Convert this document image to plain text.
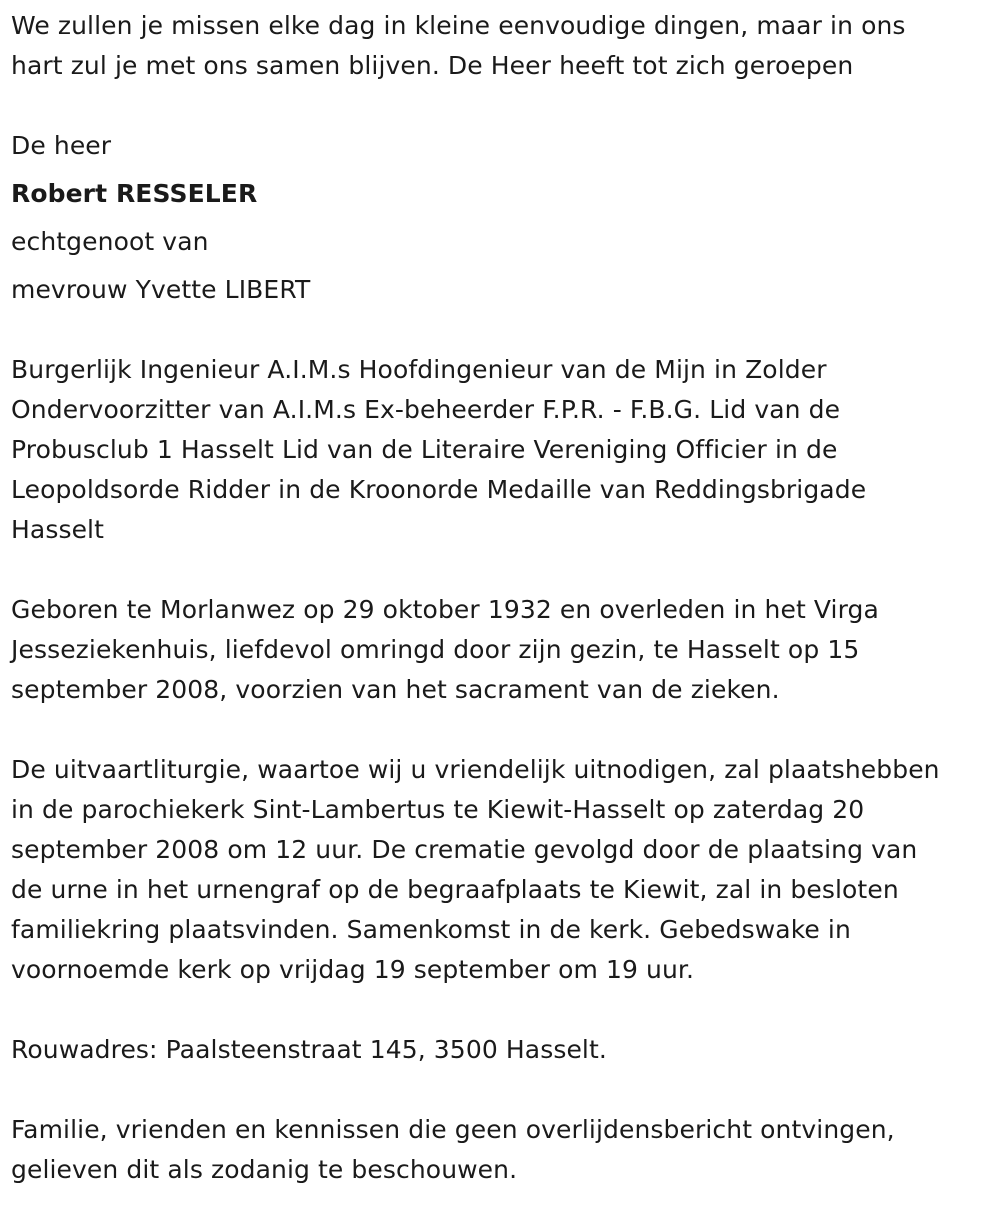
We zullen je missen elke dag in kleine eenvoudige dingen, maar in ons
hart zul je met ons samen blijven. De Heer heeft tot zich geroepen
De heer
Robert RESSELER
echtgenoot van
mevrouw Yvette LIBERT
Burgerlijk Ingenieur A.I.M.s Hoofdingenieur van de Mijn in Zolder
Ondervoorzitter van A.I.M.s Ex-beheerder F.P.R. - F.B.G. Lid van de
Probusclub 1 Hasselt Lid van de Literaire Vereniging Officier in de
Leopoldsorde Ridder in de Kroonorde Medaille van Reddingsbrigade
Hasselt
Geboren te Morlanwez op 29 oktober 1932 en overleden in het Virga
Jesseziekenhuis, liefdevol omringd door zijn gezin, te Hasselt op 15
september 2008, voorzien van het sacrament van de zieken.
De uitvaartliturgie, waartoe wij u vriendelijk uitnodigen, zal plaatshebben
in de parochiekerk Sint-Lambertus te Kiewit-Hasselt op zaterdag 20
september 2008 om 12 uur. De crematie gevolgd door de plaatsing van
de urne in het urnengraf op de begraafplaats te Kiewit, zal in besloten
familiekring plaatsvinden. Samenkomst in de kerk. Gebedswake in
voornoemde kerk op vrijdag 19 september om 19 uur.
Rouwadres: Paalsteenstraat 145, 3500 Hasselt.
Familie, vrienden en kennissen die geen overlijdensbericht ontvingen,
gelieven dit als zodanig te beschouwen.
